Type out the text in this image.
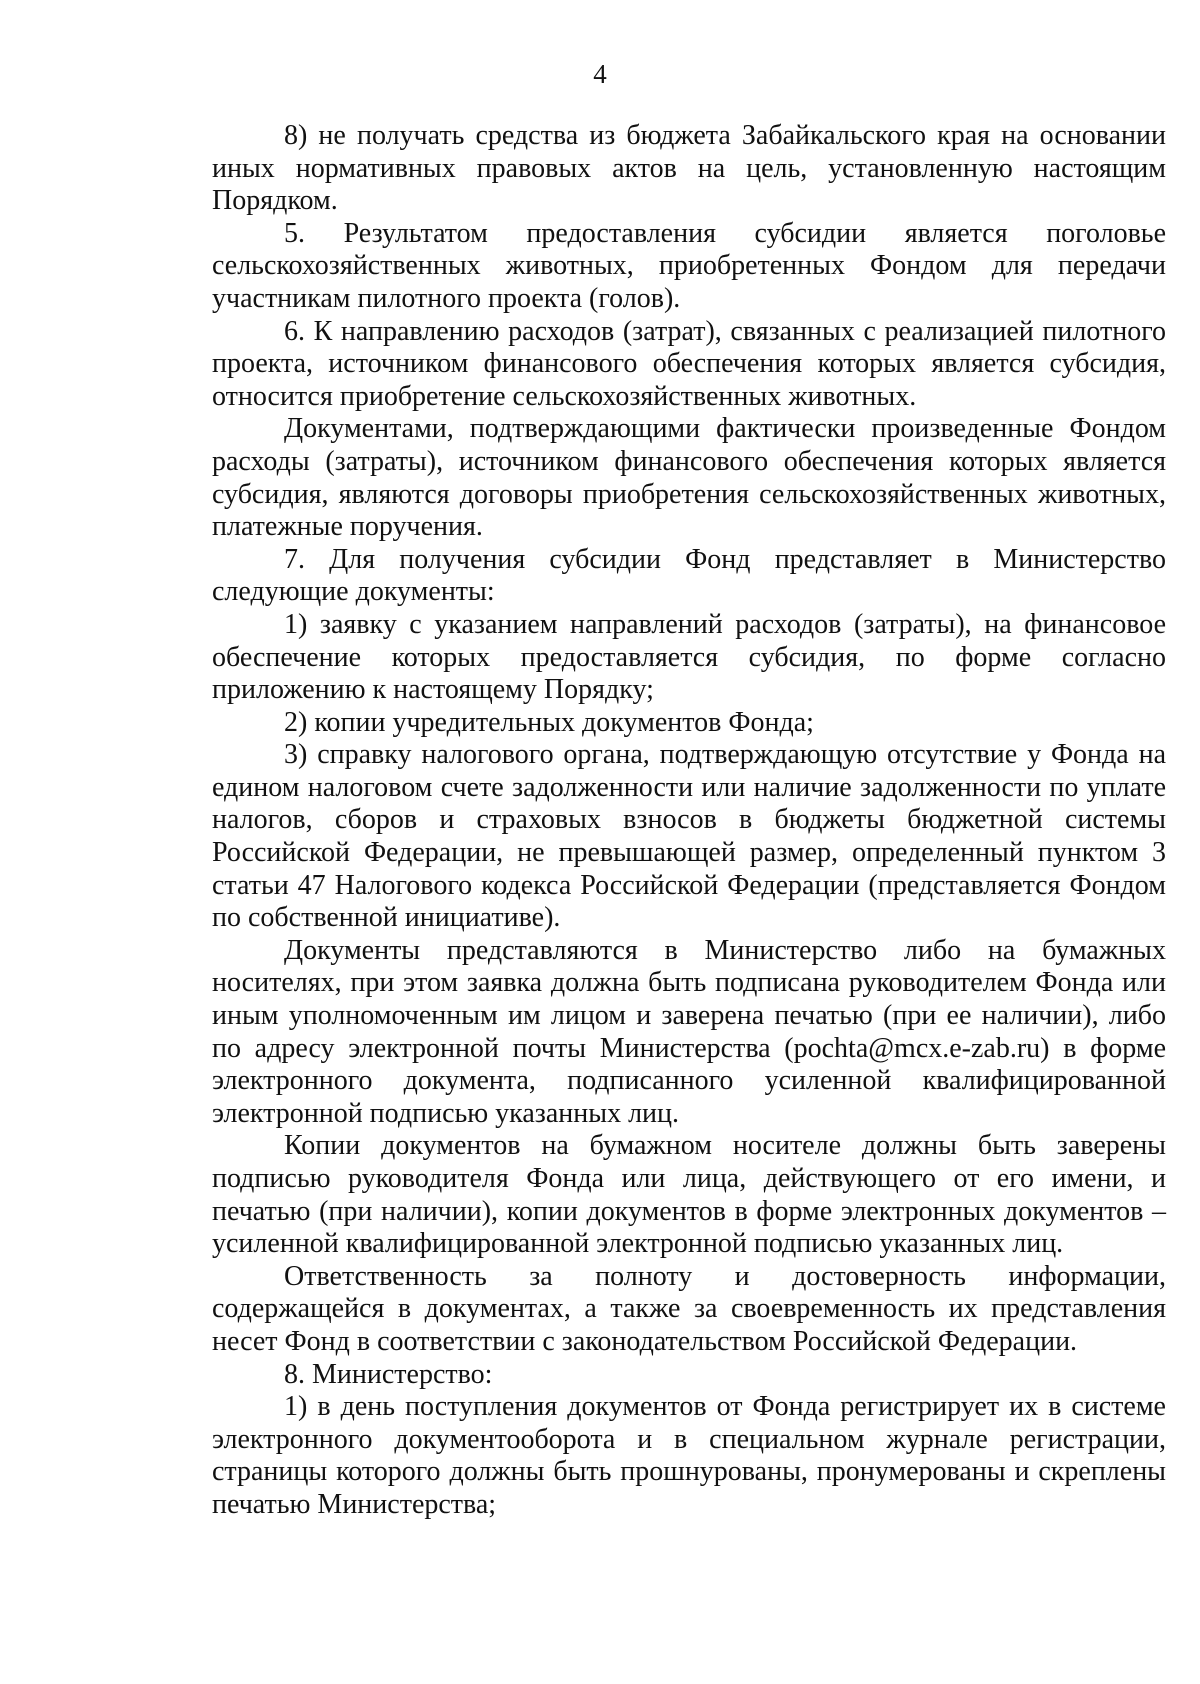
4

8) не получать средства из бюджета Забайкальского края на основании иных нормативных правовых актов на цель, установленную настоящим Порядком.

5. Результатом предоставления субсидии является поголовье сельскохозяйственных животных, приобретенных Фондом для передачи участникам пилотного проекта (голов).

6. К направлению расходов (затрат), связанных с реализацией пилотного проекта, источником финансового обеспечения которых является субсидия, относится приобретение сельскохозяйственных животных.

Документами, подтверждающими фактически произведенные Фондом расходы (затраты), источником финансового обеспечения которых является субсидия, являются договоры приобретения сельскохозяйственных животных, платежные поручения.

7. Для получения субсидии Фонд представляет в Министерство следующие документы:

1) заявку с указанием направлений расходов (затраты), на финансовое обеспечение которых предоставляется субсидия, по форме согласно приложению к настоящему Порядку;

2) копии учредительных документов Фонда;

3) справку налогового органа, подтверждающую отсутствие у Фонда на едином налоговом счете задолженности или наличие задолженности по уплате налогов, сборов и страховых взносов в бюджеты бюджетной системы Российской Федерации, не превышающей размер, определенный пунктом 3 статьи 47 Налогового кодекса Российской Федерации (представляется Фондом по собственной инициативе).

Документы представляются в Министерство либо на бумажных носителях, при этом заявка должна быть подписана руководителем Фонда или иным уполномоченным им лицом и заверена печатью (при ее наличии), либо по адресу электронной почты Министерства (pochta@mcx.e-zab.ru) в форме электронного документа, подписанного усиленной квалифицированной электронной подписью указанных лиц.

Копии документов на бумажном носителе должны быть заверены подписью руководителя Фонда или лица, действующего от его имени, и печатью (при наличии), копии документов в форме электронных документов – усиленной квалифицированной электронной подписью указанных лиц.

Ответственность за полноту и достоверность информации, содержащейся в документах, а также за своевременность их представления несет Фонд в соответствии с законодательством Российской Федерации.

8. Министерство:

1) в день поступления документов от Фонда регистрирует их в системе электронного документооборота и в специальном журнале регистрации, страницы которого должны быть прошнурованы, пронумерованы и скреплены печатью Министерства;
